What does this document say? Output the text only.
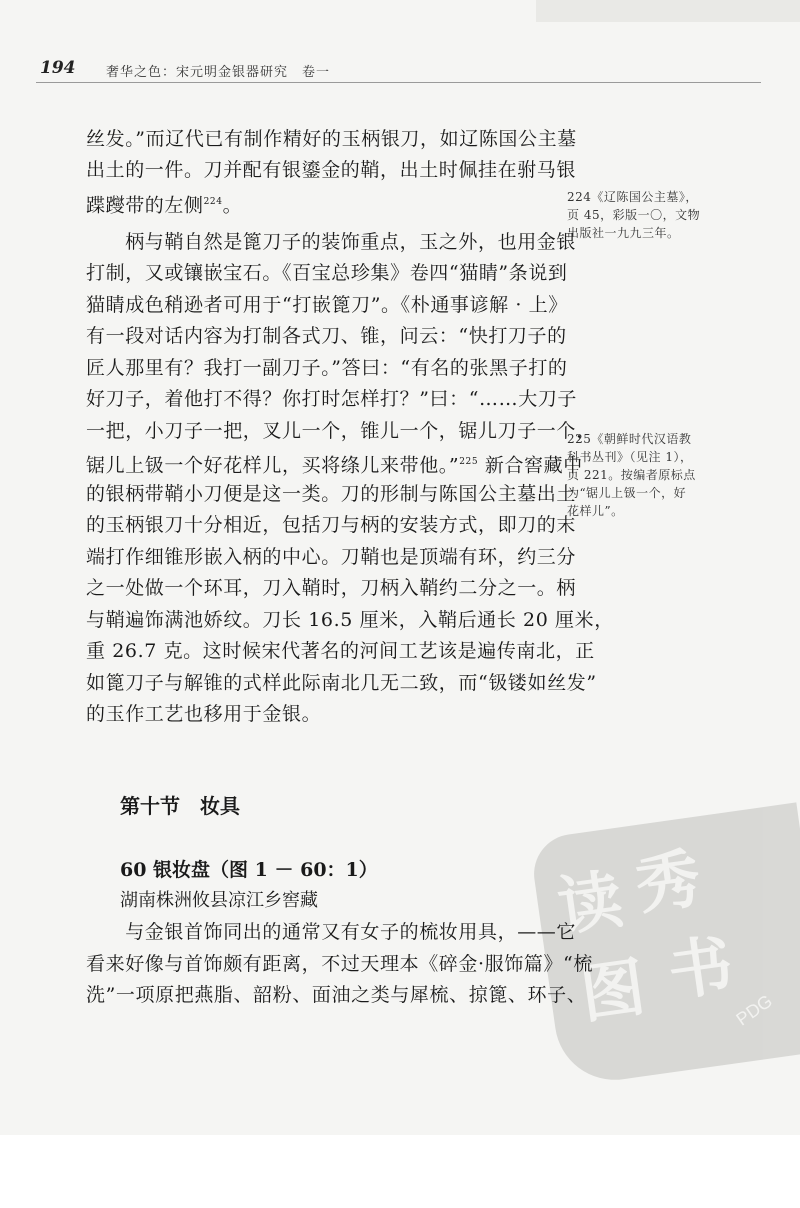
194 奢华之色：宋元明金银器研究　卷一

丝发。”而辽代已有制作精好的玉柄银刀，如辽陈国公主墓

出土的一件。刀并配有银鎏金的鞘，出土时佩挂在驸马银

蹀躞带的左侧$^{224}$。

　　柄与鞘自然是篦刀子的装饰重点，玉之外，也用金银

打制，又或镶嵌宝石。《百宝总珍集》卷四“猫睛”条说到

猫睛成色稍逊者可用于“打嵌篦刀”。《朴通事谚解 · 上》

有一段对话内容为打制各式刀、锥，问云：“快打刀子的

匠人那里有？我打一副刀子。”答曰：“有名的张黑子打的

好刀子，着他打不得？你打时怎样打？”曰：“……大刀子

一把，小刀子一把，叉儿一个，锥儿一个，锯儿刀子一个，

锯儿上钑一个好花样儿，买将绦儿来带他。”$^{225}$ 新合窖藏中

的银柄带鞘小刀便是这一类。刀的形制与陈国公主墓出土

的玉柄银刀十分相近，包括刀与柄的安装方式，即刀的末

端打作细锥形嵌入柄的中心。刀鞘也是顶端有环，约三分

之一处做一个环耳，刀入鞘时，刀柄入鞘约二分之一。柄

与鞘遍饰满池娇纹。刀长 16.5 厘米，入鞘后通长 20 厘米，

重 26.7 克。这时候宋代著名的河间工艺该是遍传南北，正

如篦刀子与解锥的式样此际南北几无二致，而“钑镂如丝发”

的玉作工艺也移用于金银。

224《辽陈国公主墓》，

页 45，彩版一〇，文物

出版社一九九三年。

225《朝鲜时代汉语教

科书丛刊》（见注 1），

页 221。按编者原标点

为“锯儿上钑一个，好

花样儿”。

读 秀
图 书
PDG
第十节　妆具
60 银妆盘（图 1 － 60：1）

湖南株洲攸县凉江乡窖藏

　　与金银首饰同出的通常又有女子的梳妆用具，——它

看来好像与首饰颇有距离，不过天理本《碎金·服饰篇》“梳

洗”一项原把燕脂、韶粉、面油之类与犀梳、掠篦、环子、
